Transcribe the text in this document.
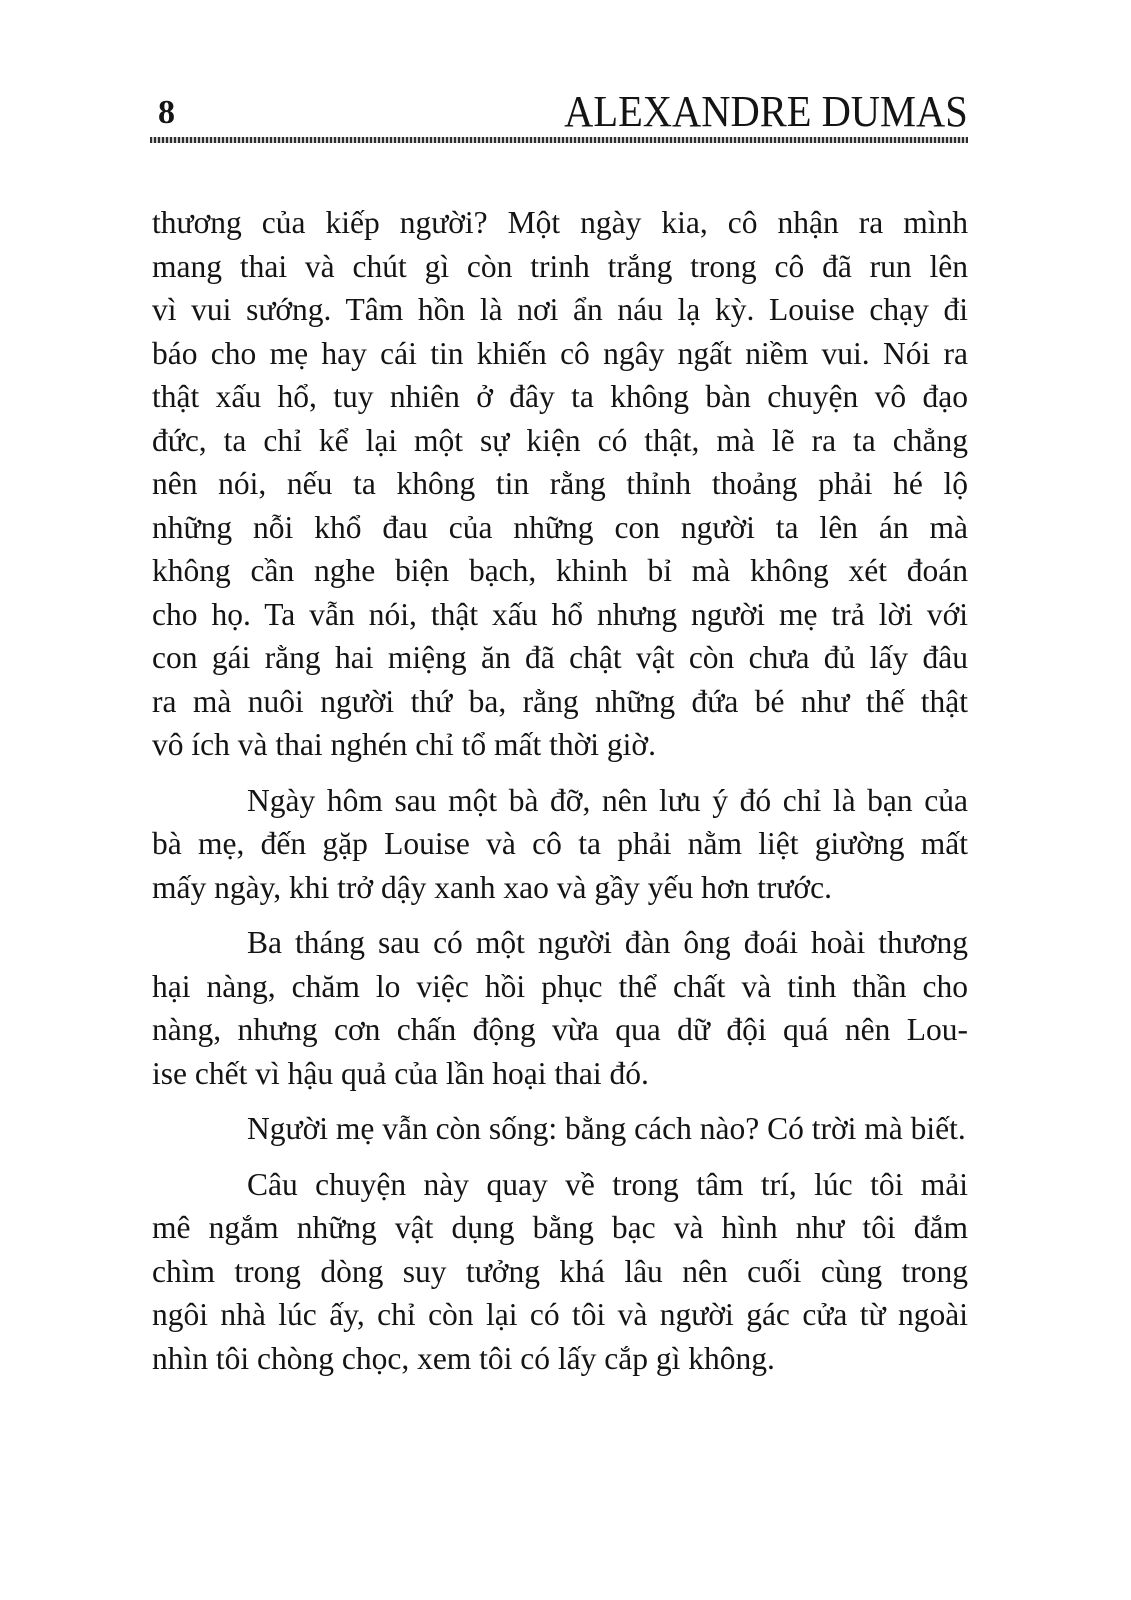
8	ALEXANDRE DUMAS
thương của kiếp người? Một ngày kia, cô nhận ra mình
mang thai và chút gì còn trinh trắng trong cô đã run lên
vì vui sướng. Tâm hồn là nơi ẩn náu lạ kỳ. Louise chạy đi
báo cho mẹ hay cái tin khiến cô ngây ngất niềm vui. Nói ra
thật xấu hổ, tuy nhiên ở đây ta không bàn chuyện vô đạo
đức, ta chỉ kể lại một sự kiện có thật, mà lẽ ra ta chẳng
nên nói, nếu ta không tin rằng thỉnh thoảng phải hé lộ
những nỗi khổ đau của những con người ta lên án mà
không cần nghe biện bạch, khinh bỉ mà không xét đoán
cho họ. Ta vẫn nói, thật xấu hổ nhưng người mẹ trả lời với
con gái rằng hai miệng ăn đã chật vật còn chưa đủ lấy đâu
ra mà nuôi người thứ ba, rằng những đứa bé như thế thật
vô ích và thai nghén chỉ tổ mất thời giờ.
Ngày hôm sau một bà đỡ, nên lưu ý đó chỉ là bạn của
bà mẹ, đến gặp Louise và cô ta phải nằm liệt giường mất
mấy ngày, khi trở dậy xanh xao và gầy yếu hơn trước.
Ba tháng sau có một người đàn ông đoái hoài thương
hại nàng, chăm lo việc hồi phục thể chất và tinh thần cho
nàng, nhưng cơn chấn động vừa qua dữ đội quá nên Lou-
ise chết vì hậu quả của lần hoại thai đó.
Người mẹ vẫn còn sống: bằng cách nào? Có trời mà biết.
Câu chuyện này quay về trong tâm trí, lúc tôi mải
mê ngắm những vật dụng bằng bạc và hình như tôi đắm
chìm trong dòng suy tưởng khá lâu nên cuối cùng trong
ngôi nhà lúc ấy, chỉ còn lại có tôi và người gác cửa từ ngoài
nhìn tôi chòng chọc, xem tôi có lấy cắp gì không.
